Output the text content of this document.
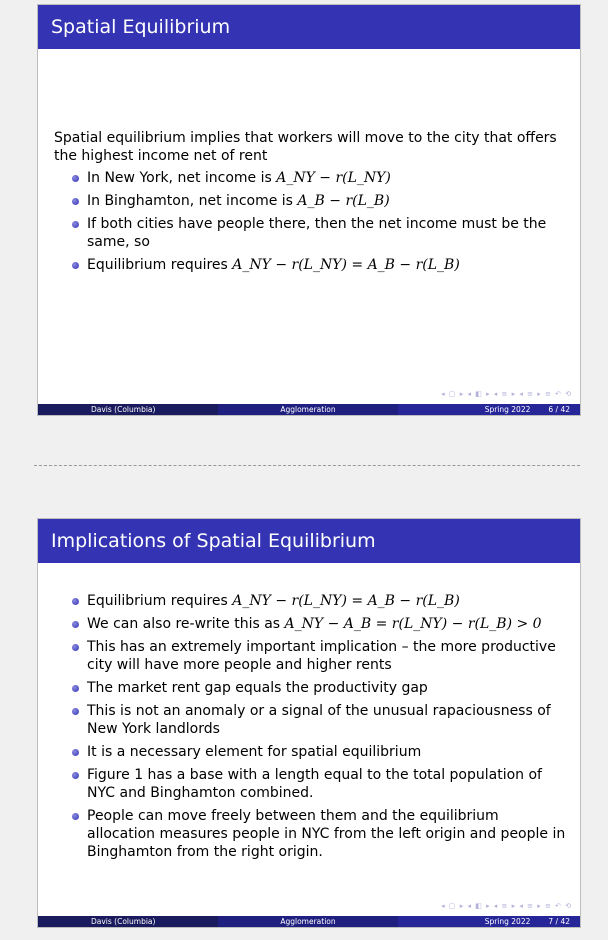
Spatial Equilibrium

Spatial equilibrium implies that workers will move to the city that offers the highest income net of rent

In New York, net income is A_NY − r(L_NY)
In Binghamton, net income is A_B − r(L_B)
If both cities have people there, then the net income must be the same, so
Equilibrium requires A_NY − r(L_NY) = A_B − r(L_B)
◂ ▢ ▸ ◂ ◧ ▸ ◂ ≡ ▸ ◂ ≡ ▸ ≡ ↶ ⟲
Davis (Columbia)	Agglomeration	Spring 2022 6 / 42
Implications of Spatial Equilibrium
Equilibrium requires A_NY − r(L_NY) = A_B − r(L_B)
We can also re-write this as A_NY − A_B = r(L_NY) − r(L_B) > 0
This has an extremely important implication – the more productive city will have more people and higher rents
The market rent gap equals the productivity gap
This is not an anomaly or a signal of the unusual rapaciousness of New York landlords
It is a necessary element for spatial equilibrium
Figure 1 has a base with a length equal to the total population of NYC and Binghamton combined.
People can move freely between them and the equilibrium allocation measures people in NYC from the left origin and people in Binghamton from the right origin.
◂ ▢ ▸ ◂ ◧ ▸ ◂ ≡ ▸ ◂ ≡ ▸ ≡ ↶ ⟲
Davis (Columbia)	Agglomeration	Spring 2022 7 / 42
